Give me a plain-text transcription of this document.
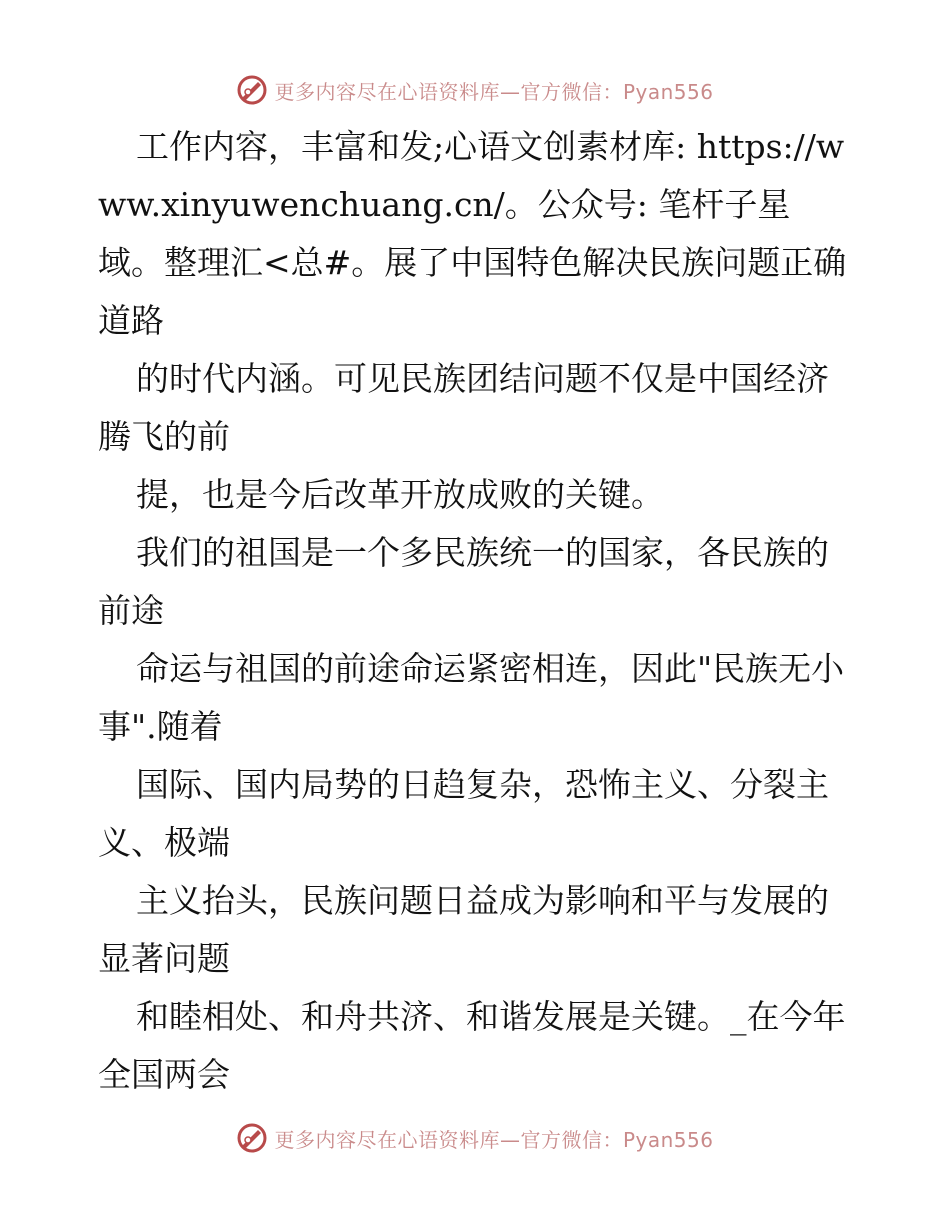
更多内容尽在心语资料库—官方微信：Pyan556

工作内容，丰富和发;心语文创素材库: https://www.xinyuwenchuang.cn/。公众号: 笔杆子星域。整理汇<总#。展了中国特色解决民族问题正确道路

的时代内涵。可见民族团结问题不仅是中国经济腾飞的前

提，也是今后改革开放成败的关键。

我们的祖国是一个多民族统一的国家，各民族的前途

命运与祖国的前途命运紧密相连，因此"民族无小事".随着

国际、国内局势的日趋复杂，恐怖主义、分裂主义、极端

主义抬头，民族问题日益成为影响和平与发展的显著问题

和睦相处、和舟共济、和谐发展是关键。_在今年全国两会

更多内容尽在心语资料库—官方微信：Pyan556
